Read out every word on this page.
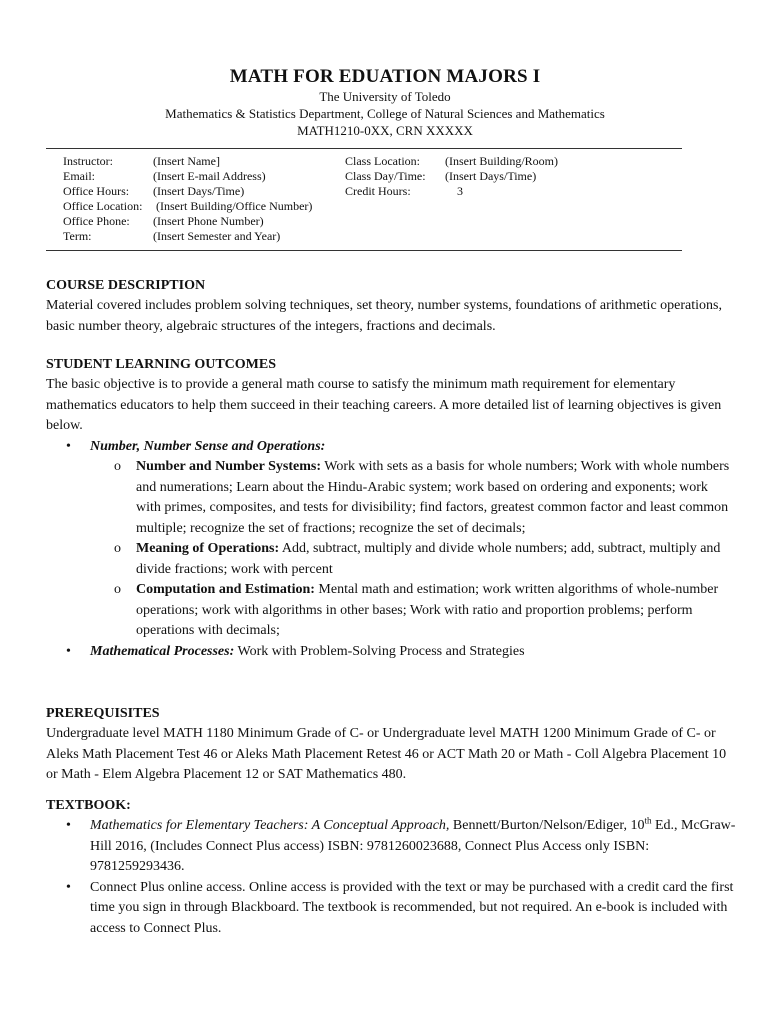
MATH FOR EDUATION MAJORS I
The University of Toledo
Mathematics & Statistics Department, College of Natural Sciences and Mathematics
MATH1210-0XX, CRN XXXXX
Instructor:	(Insert Name]
Email:	(Insert E-mail Address)
Office Hours:	(Insert Days/Time)
Office Location: (Insert Building/Office Number)
Office Phone:	(Insert Phone Number)
Term:	(Insert Semester and Year)
Class Location:	(Insert Building/Room)
Class Day/Time:	(Insert Days/Time)
Credit Hours:	3
COURSE DESCRIPTION

Material covered includes problem solving techniques, set theory, number systems, foundations of arithmetic operations, basic number theory, algebraic structures of the integers, fractions and decimals.

STUDENT LEARNING OUTCOMES

The basic objective is to provide a general math course to satisfy the minimum math requirement for elementary mathematics educators to help them succeed in their teaching careers. A more detailed list of learning objectives is given below.

• Number, Number Sense and Operations:
o Number and Number Systems: Work with sets as a basis for whole numbers; Work with whole numbers and numerations; Learn about the Hindu-Arabic system; work based on ordering and exponents; work with primes, composites, and tests for divisibility; find factors, greatest common factor and least common multiple; recognize the set of fractions; recognize the set of decimals;
o Meaning of Operations: Add, subtract, multiply and divide whole numbers; add, subtract, multiply and divide fractions; work with percent
o Computation and Estimation: Mental math and estimation; work written algorithms of whole-number operations; work with algorithms in other bases; Work with ratio and proportion problems; perform operations with decimals;
• Mathematical Processes: Work with Problem-Solving Process and Strategies
PREREQUISITES

Undergraduate level MATH 1180 Minimum Grade of C- or Undergraduate level MATH 1200 Minimum Grade of C- or Aleks Math Placement Test 46 or Aleks Math Placement Retest 46 or ACT Math 20 or Math - Coll Algebra Placement 10 or Math - Elem Algebra Placement 12 or SAT Mathematics 480.

TEXTBOOK:
• Mathematics for Elementary Teachers: A Conceptual Approach, Bennett/Burton/Nelson/Ediger, 10th Ed., McGraw-Hill 2016, (Includes Connect Plus access) ISBN: 9781260023688, Connect Plus Access only ISBN: 9781259293436.
• Connect Plus online access. Online access is provided with the text or may be purchased with a credit card the first time you sign in through Blackboard. The textbook is recommended, but not required. An e-book is included with access to Connect Plus.
